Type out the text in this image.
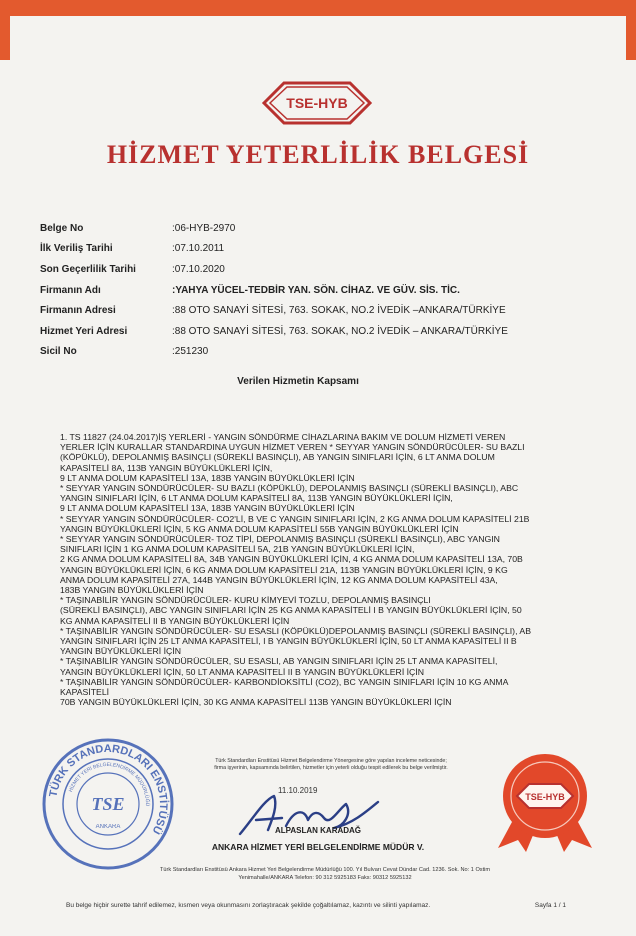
TSE-HYB
HİZMET YETERLİLİK BELGESİ
Belge No	:06-HYB-2970
İlk Veriliş Tarihi	:07.10.2011
Son Geçerlilik Tarihi	:07.10.2020
Firmanın Adı	:YAHYA YÜCEL-TEDBİR YAN. SÖN. CİHAZ. VE GÜV. SİS. TİC.
Firmanın Adresi	:88 OTO SANAYİ SİTESİ, 763. SOKAK, NO.2 İVEDİK –ANKARA/TÜRKİYE
Hizmet Yeri Adresi	:88 OTO SANAYİ SİTESİ, 763. SOKAK, NO.2 İVEDİK – ANKARA/TÜRKİYE
Sicil No	:251230
Verilen Hizmetin Kapsamı
1. TS 11827 (24.04.2017)İŞ YERLERİ - YANGIN SÖNDÜRME CİHAZLARINA BAKIM VE DOLUM HİZMETİ VEREN
YERLER İÇİN KURALLAR STANDARDINA UYGUN HİZMET VEREN * SEYYAR YANGIN SÖNDÜRÜCÜLER- SU BAZLI
(KÖPÜKLÜ), DEPOLANMIŞ BASINÇLI (SÜREKLİ BASINÇLI), AB YANGIN SINIFLARI İÇİN, 6 LT ANMA DOLUM
KAPASİTELİ 8A, 113B YANGIN BÜYÜKLÜKLERİ İÇİN,
9 LT ANMA DOLUM KAPASİTELİ 13A, 183B YANGIN BÜYÜKLÜKLERİ İÇİN
* SEYYAR YANGIN SÖNDÜRÜCÜLER- SU BAZLI (KÖPÜKLÜ), DEPOLANMIŞ BASINÇLI (SÜREKLİ BASINÇLI), ABC
YANGIN SINIFLARI İÇİN, 6 LT ANMA DOLUM KAPASİTELİ 8A, 113B YANGIN BÜYÜKLÜKLERİ İÇİN,
9 LT ANMA DOLUM KAPASİTELİ 13A, 183B YANGIN BÜYÜKLÜKLERİ İÇİN
* SEYYAR YANGIN SÖNDÜRÜCÜLER- CO2'Lİ, B VE C YANGIN SINIFLARI İÇİN, 2 KG ANMA DOLUM KAPASİTELİ 21B
YANGIN BÜYÜKLÜKLERİ İÇİN, 5 KG ANMA DOLUM KAPASİTELİ 55B YANGIN BÜYÜKLÜKLERİ İÇİN
* SEYYAR YANGIN SÖNDÜRÜCÜLER- TOZ TİPİ, DEPOLANMIŞ BASINÇLI (SÜREKLİ BASINÇLI), ABC YANGIN
SINIFLARI İÇİN 1 KG ANMA DOLUM KAPASİTELİ 5A, 21B YANGIN BÜYÜKLÜKLERİ İÇİN,
2 KG ANMA DOLUM KAPASİTELİ 8A, 34B YANGIN BÜYÜKLÜKLERİ İÇİN, 4 KG ANMA DOLUM KAPASİTELİ 13A, 70B
YANGIN BÜYÜKLÜKLERİ İÇİN, 6 KG ANMA DOLUM KAPASİTELİ 21A, 113B YANGIN BÜYÜKLÜKLERİ İÇİN, 9 KG
ANMA DOLUM KAPASİTELİ 27A, 144B YANGIN BÜYÜKLÜKLERİ İÇİN, 12 KG ANMA DOLUM KAPASİTELİ 43A,
183B YANGIN BÜYÜKLÜKLERİ İÇİN
* TAŞINABİLİR YANGIN SÖNDÜRÜCÜLER- KURU KİMYEVİ TOZLU, DEPOLANMIŞ BASINÇLI
(SÜREKLİ BASINÇLI), ABC YANGIN SINIFLARI İÇİN 25 KG ANMA KAPASİTELİ I B YANGIN BÜYÜKLÜKLERİ İÇİN, 50
KG ANMA KAPASİTELİ II B YANGIN BÜYÜKLÜKLERİ İÇİN
* TAŞINABİLİR YANGIN SÖNDÜRÜCÜLER- SU ESASLI (KÖPÜKLÜ)DEPOLANMIŞ BASINÇLI (SÜREKLİ BASINÇLI), AB
YANGIN SINIFLARI İÇİN 25 LT ANMA KAPASİTELİ, I B YANGIN BÜYÜKLÜKLERİ İÇİN, 50 LT ANMA KAPASİTELİ II B
YANGIN BÜYÜKLÜKLERİ İÇİN
* TAŞINABİLİR YANGIN SÖNDÜRÜCÜLER, SU ESASLI, AB YANGIN SINIFLARI İÇİN 25 LT ANMA KAPASİTELİ,
YANGIN BÜYÜKLÜKLERİ İÇİN, 50 LT ANMA KAPASİTELİ II B YANGIN BÜYÜKLÜKLERİ İÇİN
* TAŞINABİLİR YANGIN SÖNDÜRÜCÜLER- KARBONDİOKSİTLİ (CO2), BC YANGIN SINIFLARI İÇİN 10 KG ANMA
KAPASİTELİ
70B YANGIN BÜYÜKLÜKLERİ İÇİN, 30 KG ANMA KAPASİTELİ 113B YANGIN BÜYÜKLÜKLERİ İÇİN
Türk Standardları Enstitüsü Hizmet Belgelendirme Yönergesine göre yapılan inceleme neticesinde;
firma işyerinin, kapsamında belirtilen, hizmetler için yeterli olduğu tespit edilerek bu belge verilmiştir.
TÜRK STANDARDLARI ENSTİTÜSÜ
HİZMET YERİ BELGELENDİRME MÜDÜRLÜĞÜ
TSE
ANKARA
11.10.2019
ALPASLAN KARADAĞ
ANKARA HİZMET YERİ BELGELENDİRME MÜDÜR V.
TSE-HYB
Türk Standardları Enstitüsü Ankara Hizmet Yeri Belgelendirme Müdürlüğü 100. Yıl Bulvarı Cevat Dündar Cad. 1236. Sok. No: 1 Ostim
Yenimahalle/ANKARA Telefon: 90 312 5925183 Faks: 90312 5925132
Bu belge hiçbir surette tahrif edilemez, kısmen veya okunmasını zorlaştıracak şekilde çoğaltılamaz, kazıntı ve silinti yapılamaz.	Sayfa 1 / 1
